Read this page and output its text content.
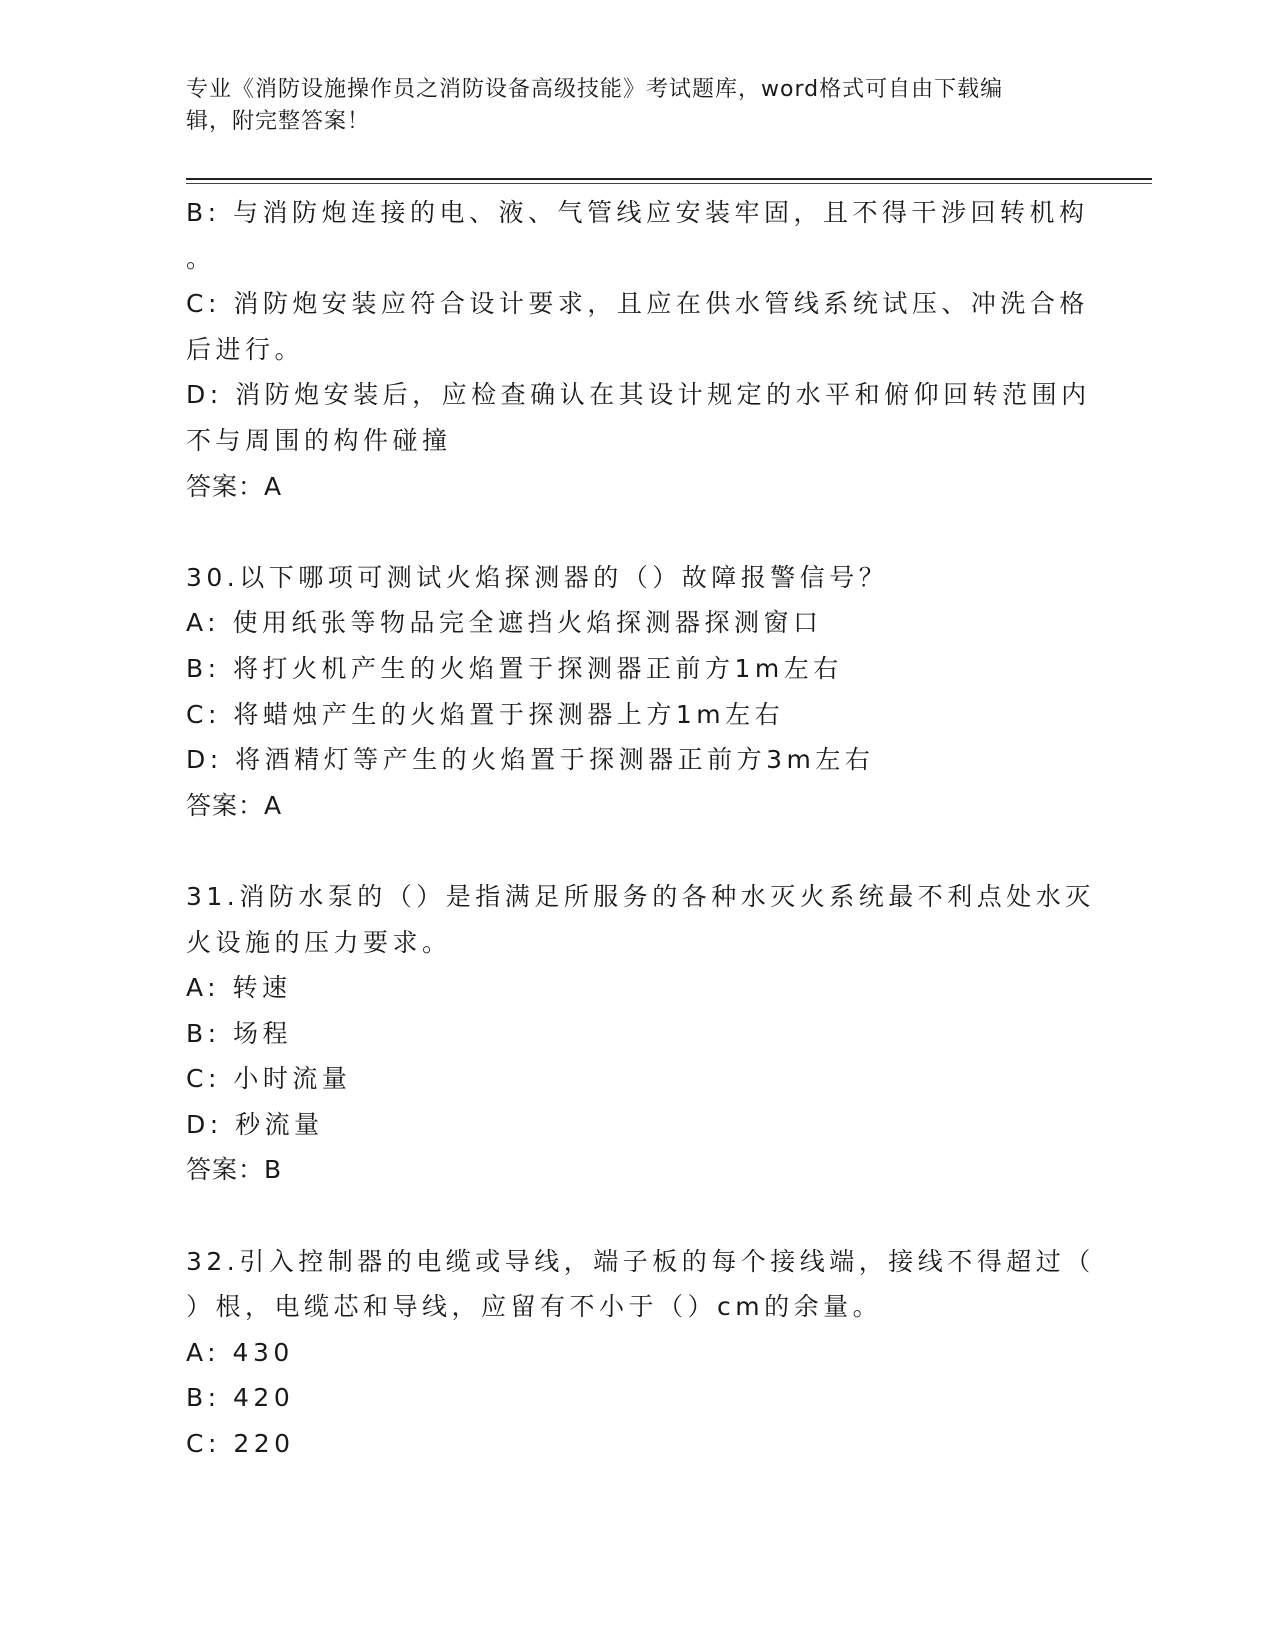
专业《消防设施操作员之消防设备高级技能》考试题库，word格式可自由下载编
辑，附完整答案！
B: 与消防炮连接的电、液、气管线应安装牢固，且不得干涉回转机构
。
C: 消防炮安装应符合设计要求，且应在供水管线系统试压、冲洗合格
后进行。
D: 消防炮安装后，应检查确认在其设计规定的水平和俯仰回转范围内
不与周围的构件碰撞
答案：A
30.以下哪项可测试火焰探测器的（）故障报警信号？
A: 使用纸张等物品完全遮挡火焰探测器探测窗口
B: 将打火机产生的火焰置于探测器正前方1m左右
C: 将蜡烛产生的火焰置于探测器上方1m左右
D: 将酒精灯等产生的火焰置于探测器正前方3m左右
答案：A
31.消防水泵的（）是指满足所服务的各种水灭火系统最不利点处水灭
火设施的压力要求。
A: 转速
B: 场程
C: 小时流量
D: 秒流量
答案：B
32.引入控制器的电缆或导线，端子板的每个接线端，接线不得超过（
）根，电缆芯和导线，应留有不小于（）cm的余量。
A: 430
B: 420
C: 220
